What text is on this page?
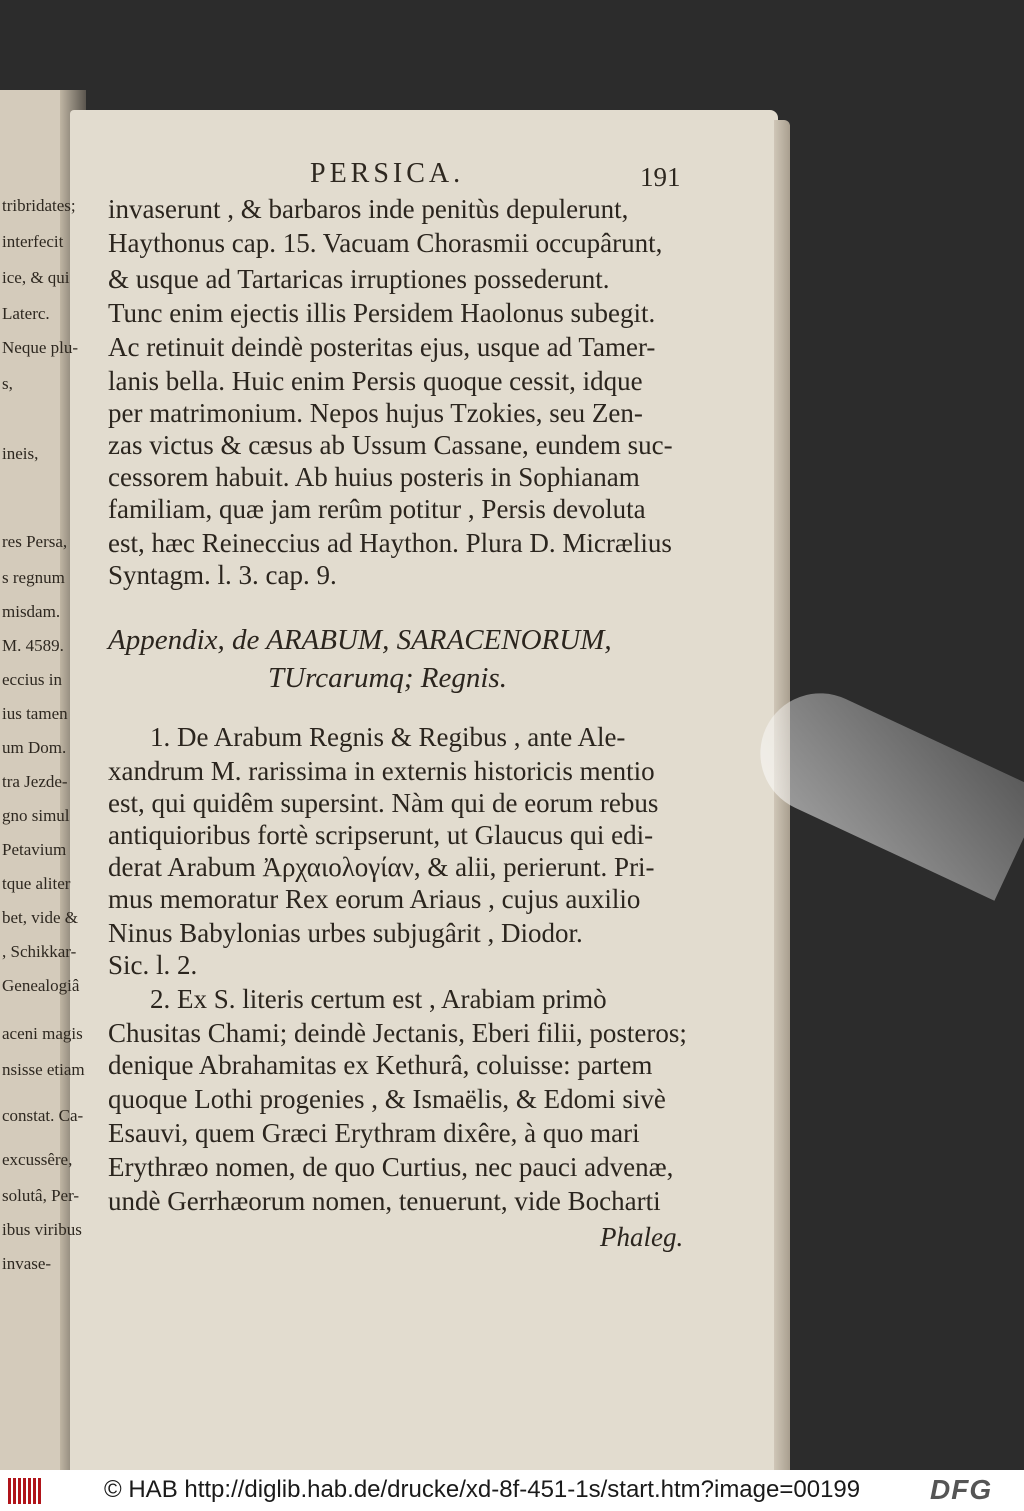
tribridates;
interfecit
ice, & qui
Laterc.
Neque plu-
s,
ineis,
res Persa,
s regnum
misdam.
M. 4589.
eccius in
ius tamen
um Dom.
tra Jezde-
gno simul
Petavium
tque aliter
bet, vide &
, Schikkar-
Genealogiâ
aceni magis
nsisse etiam
constat. Ca-
excussêre,
solutâ, Per-
ibus viribus
invase-
PERSICA.	191
invaserunt , & barbaros inde penitùs depulerunt,
Haythonus cap. 15. Vacuam Chorasmii occupârunt,
& usque ad Tartaricas irruptiones possederunt.
Tunc enim ejectis illis Persidem Haolonus subegit.
Ac retinuit deindè posteritas ejus, usque ad Tamer-
lanis bella. Huic enim Persis quoque cessit, idque
per matrimonium. Nepos hujus Tzokies, seu Zen-
zas victus & cæsus ab Ussum Cassane, eundem suc-
cessorem habuit. Ab huius posteris in Sophianam
familiam, quæ jam rerûm potitur , Persis devoluta
est, hæc Reineccius ad Haython. Plura D. Micrælius
Syntagm. l. 3. cap. 9.
Appendix, de ARABUM, SARACENORUM,
TUrcarumq; Regnis.
1. De Arabum Regnis & Regibus , ante Ale-
xandrum M. rarissima in externis historicis mentio
est, qui quidêm supersint. Nàm qui de eorum rebus
antiquioribus fortè scripserunt, ut Glaucus qui edi-
derat Arabum Ἀρχαιολογίαν, & alii, perierunt. Pri-
mus memoratur Rex eorum Ariaus , cujus auxilio
Ninus Babylonias urbes subjugârit , Diodor.
Sic. l. 2.
2. Ex S. literis certum est , Arabiam primò
Chusitas Chami; deindè Jectanis, Eberi filii, posteros;
denique Abrahamitas ex Kethurâ, coluisse: partem
quoque Lothi progenies , & Ismaëlis, & Edomi sivè
Esauvi, quem Græci Erythram dixêre, à quo mari
Erythræo nomen, de quo Curtius, nec pauci advenæ,
undè Gerrhæorum nomen, tenuerunt, vide Bocharti
Phaleg.
© HAB http://diglib.hab.de/drucke/xd-8f-451-1s/start.htm?image=00199 DFG
